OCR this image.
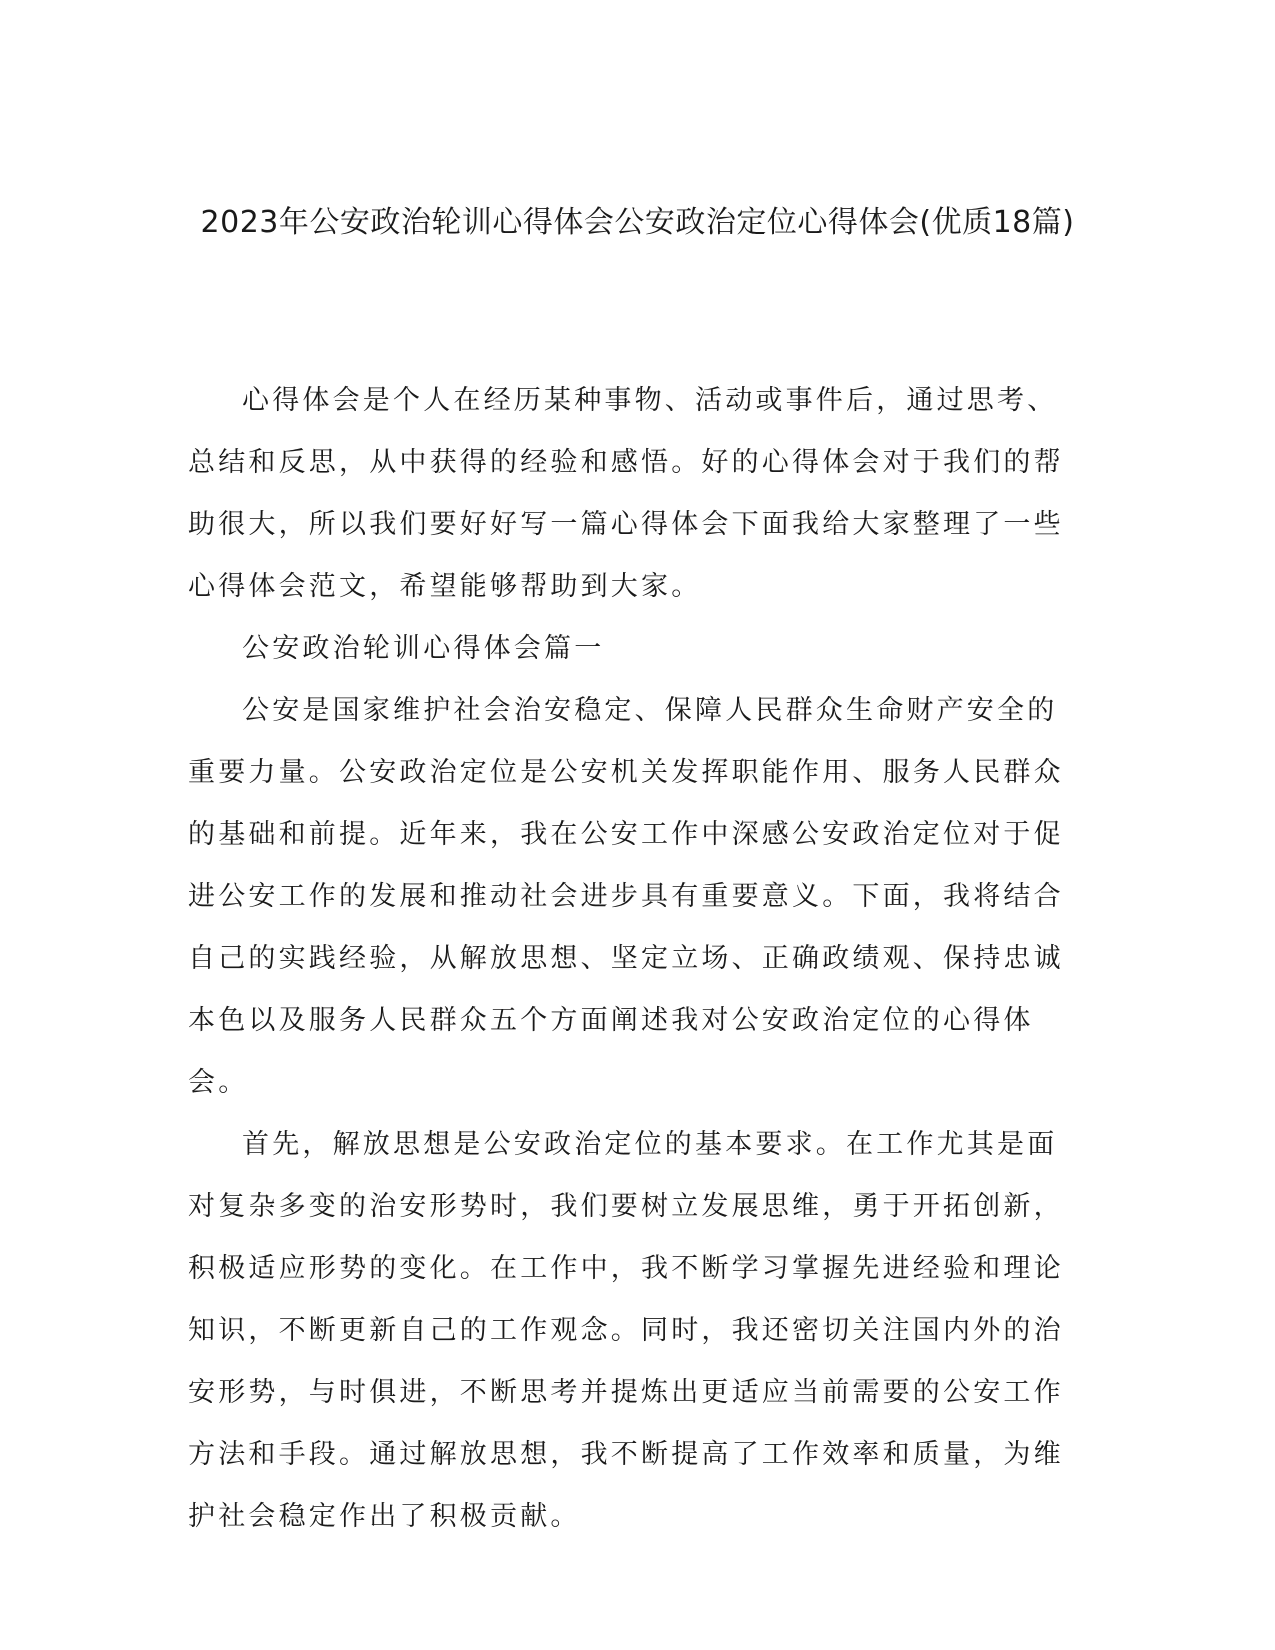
2023年公安政治轮训心得体会公安政治定位心得体会(优质18篇)

心得体会是个人在经历某种事物、活动或事件后，通过思考、总结和反思，从中获得的经验和感悟。好的心得体会对于我们的帮助很大，所以我们要好好写一篇心得体会下面我给大家整理了一些心得体会范文，希望能够帮助到大家。

公安政治轮训心得体会篇一

公安是国家维护社会治安稳定、保障人民群众生命财产安全的重要力量。公安政治定位是公安机关发挥职能作用、服务人民群众的基础和前提。近年来，我在公安工作中深感公安政治定位对于促进公安工作的发展和推动社会进步具有重要意义。下面，我将结合自己的实践经验，从解放思想、坚定立场、正确政绩观、保持忠诚本色以及服务人民群众五个方面阐述我对公安政治定位的心得体会。

首先，解放思想是公安政治定位的基本要求。在工作尤其是面对复杂多变的治安形势时，我们要树立发展思维，勇于开拓创新，积极适应形势的变化。在工作中，我不断学习掌握先进经验和理论知识，不断更新自己的工作观念。同时，我还密切关注国内外的治安形势，与时俱进，不断思考并提炼出更适应当前需要的公安工作方法和手段。通过解放思想，我不断提高了工作效率和质量，为维护社会稳定作出了积极贡献。
